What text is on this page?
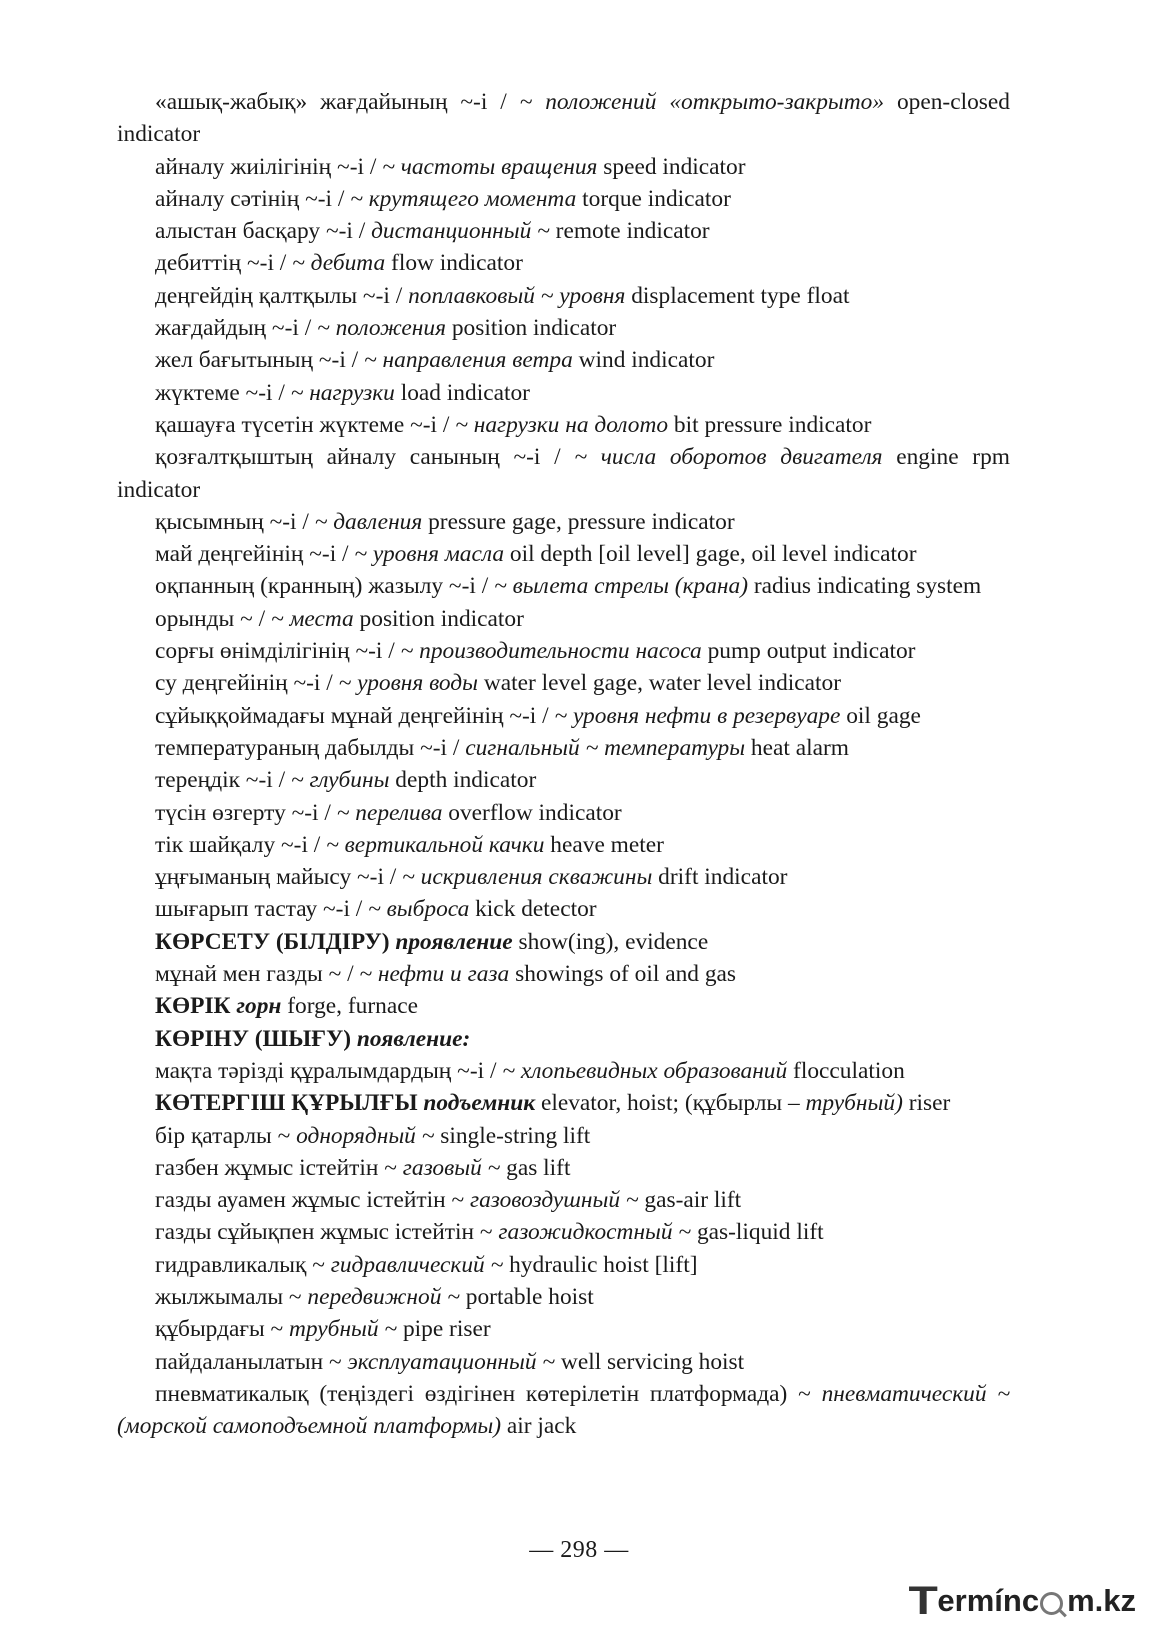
«ашық-жабық» жағдайының ~-і / ~ положений «открыто-закрыто» open-closed indicator

айналу жиілігінің ~-і / ~ частоты вращения speed indicator

айналу сәтінің ~-і / ~ крутящего момента torque indicator

алыстан басқару ~-і / дистанционный ~ remote indicator

дебиттің ~-і / ~ дебита flow indicator

деңгейдің қалтқылы ~-і / поплавковый ~ уровня displacement type float

жағдайдың ~-і / ~ положения position indicator

жел бағытының ~-і / ~ направления ветра wind indicator

жүктеме ~-і / ~ нагрузки load indicator

қашауға түсетін жүктеме ~-і / ~ нагрузки на долото bit pressure indicator

қозғалтқыштың айналу санының ~-і / ~ числа оборотов двигателя engine rpm indicator

қысымның ~-і / ~ давления pressure gage, pressure indicator

май деңгейінің ~-і / ~ уровня масла oil depth [oil level] gage, oil level indicator

оқпанның (кранның) жазылу ~-і / ~ вылета стрелы (крана) radius indicating system

орынды ~ / ~ места position indicator

сорғы өнімділігінің ~-і / ~ производительности насоса pump output indicator

су деңгейінің ~-і / ~ уровня воды water level gage, water level indicator

сұйыққоймадағы мұнай деңгейінің ~-і / ~ уровня нефти в резервуаре oil gage

температураның дабылды ~-і / сигнальный ~ температуры heat alarm

тереңдік ~-і / ~ глубины depth indicator

түсін өзгерту ~-і / ~ перелива overflow indicator

тік шайқалу ~-і / ~ вертикальной качки heave meter

ұңғыманың майысу ~-і / ~ искривления скважины drift indicator

шығарып тастау ~-і / ~ выброса kick detector

КӨРСЕТУ (БІЛДІРУ) проявление show(ing), evidence

мұнай мен газды ~ / ~ нефти и газа showings of oil and gas

КӨРІК горн forge, furnace

КӨРІНУ (ШЫҒУ) появление:

мақта тәрізді құралымдардың ~-і / ~ хлопьевидных образований flocculation

КӨТЕРГІШ ҚҰРЫЛҒЫ подъемник elevator, hoist; (құбырлы – трубный) riser

бір қатарлы ~ однорядный ~ single-string lift

газбен жұмыс істейтін ~ газовый ~ gas lift

газды ауамен жұмыс істейтін ~ газовоздушный ~ gas-air lift

газды сұйықпен жұмыс істейтін ~ газожидкостный ~ gas-liquid lift

гидравликалық ~ гидравлический ~ hydraulic hoist [lift]

жылжымалы ~ передвижной ~ portable hoist

құбырдағы ~ трубный ~ pipe riser

пайдаланылатын ~ эксплуатационный ~ well servicing hoist

пневматикалық (теңіздегі өздігінен көтерілетін платформада) ~ пневматический ~ (морской самоподъемной платформы) air jack

— 298 —
T ermínc m.kz
